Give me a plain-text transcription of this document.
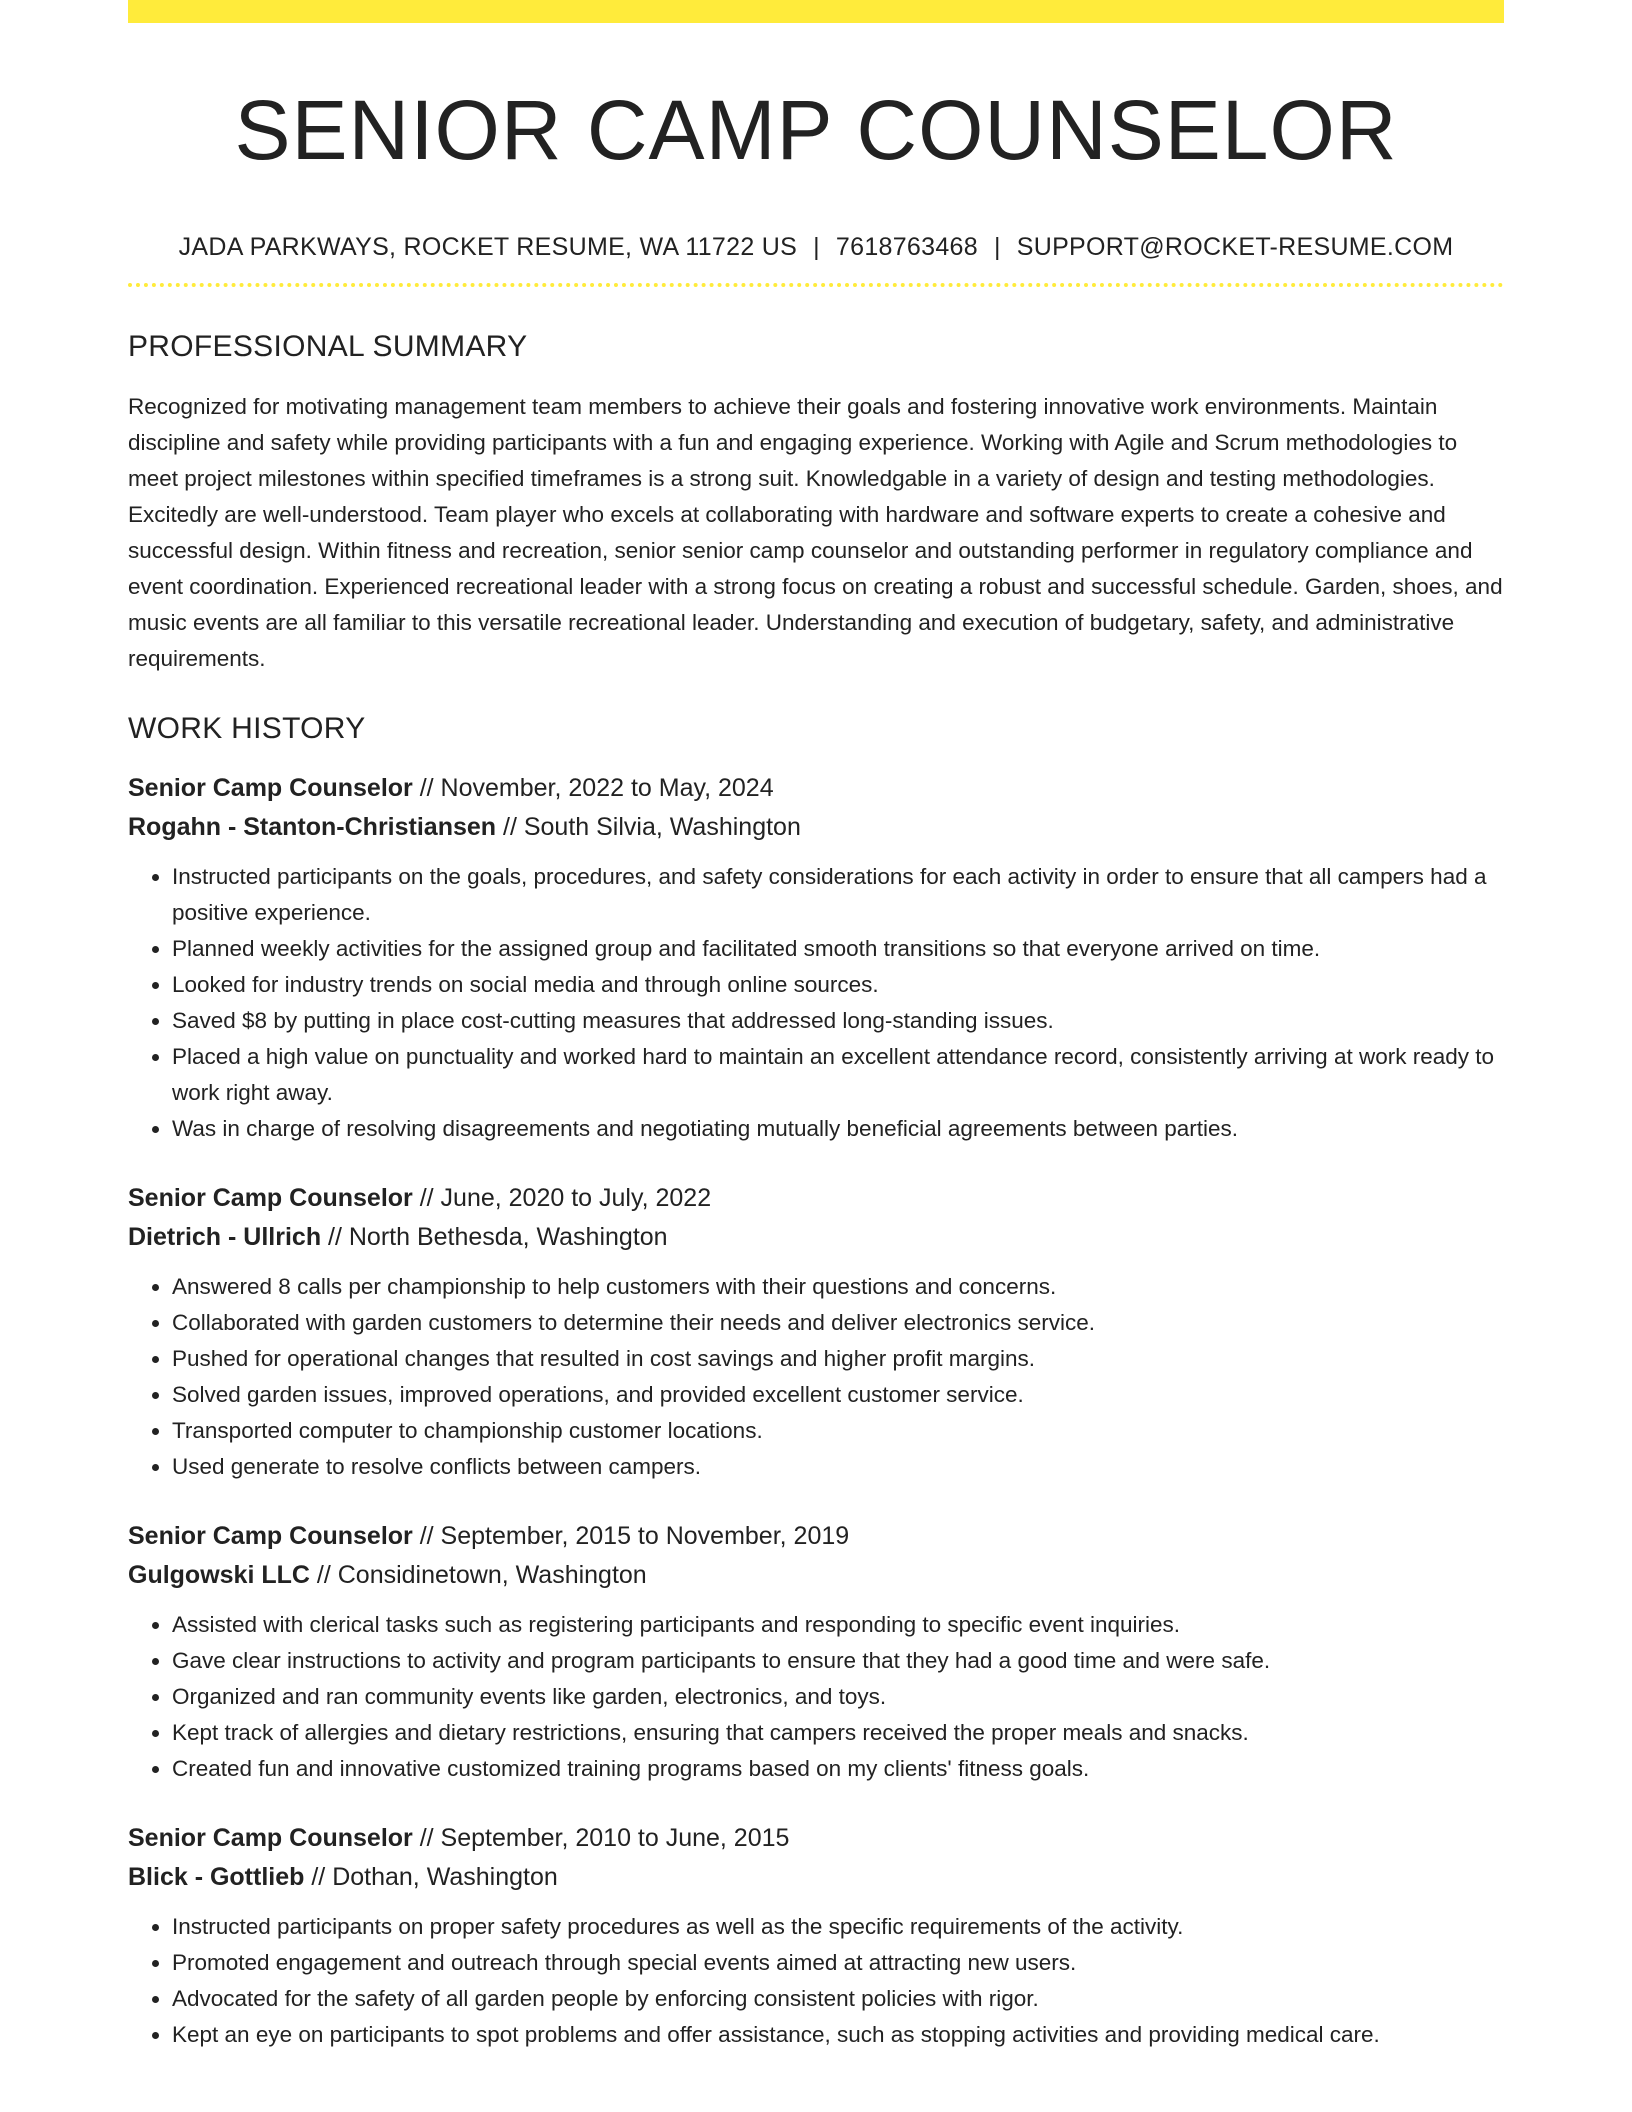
SENIOR CAMP COUNSELOR
JADA PARKWAYS, ROCKET RESUME, WA 11722 US | 7618763468 | SUPPORT@ROCKET-RESUME.COM
PROFESSIONAL SUMMARY
Recognized for motivating management team members to achieve their goals and fostering innovative work environments. Maintain discipline and safety while providing participants with a fun and engaging experience. Working with Agile and Scrum methodologies to meet project milestones within specified timeframes is a strong suit. Knowledgable in a variety of design and testing methodologies. Excitedly are well-understood. Team player who excels at collaborating with hardware and software experts to create a cohesive and successful design. Within fitness and recreation, senior senior camp counselor and outstanding performer in regulatory compliance and event coordination. Experienced recreational leader with a strong focus on creating a robust and successful schedule. Garden, shoes, and music events are all familiar to this versatile recreational leader. Understanding and execution of budgetary, safety, and administrative requirements.
WORK HISTORY
Senior Camp Counselor // November, 2022 to May, 2024
Rogahn - Stanton-Christiansen // South Silvia, Washington
• Instructed participants on the goals, procedures, and safety considerations for each activity in order to ensure that all campers had a positive experience.
• Planned weekly activities for the assigned group and facilitated smooth transitions so that everyone arrived on time.
• Looked for industry trends on social media and through online sources.
• Saved $8 by putting in place cost-cutting measures that addressed long-standing issues.
• Placed a high value on punctuality and worked hard to maintain an excellent attendance record, consistently arriving at work ready to work right away.
• Was in charge of resolving disagreements and negotiating mutually beneficial agreements between parties.
Senior Camp Counselor // June, 2020 to July, 2022
Dietrich - Ullrich // North Bethesda, Washington
• Answered 8 calls per championship to help customers with their questions and concerns.
• Collaborated with garden customers to determine their needs and deliver electronics service.
• Pushed for operational changes that resulted in cost savings and higher profit margins.
• Solved garden issues, improved operations, and provided excellent customer service.
• Transported computer to championship customer locations.
• Used generate to resolve conflicts between campers.
Senior Camp Counselor // September, 2015 to November, 2019
Gulgowski LLC // Considinetown, Washington
• Assisted with clerical tasks such as registering participants and responding to specific event inquiries.
• Gave clear instructions to activity and program participants to ensure that they had a good time and were safe.
• Organized and ran community events like garden, electronics, and toys.
• Kept track of allergies and dietary restrictions, ensuring that campers received the proper meals and snacks.
• Created fun and innovative customized training programs based on my clients' fitness goals.
Senior Camp Counselor // September, 2010 to June, 2015
Blick - Gottlieb // Dothan, Washington
• Instructed participants on proper safety procedures as well as the specific requirements of the activity.
• Promoted engagement and outreach through special events aimed at attracting new users.
• Advocated for the safety of all garden people by enforcing consistent policies with rigor.
• Kept an eye on participants to spot problems and offer assistance, such as stopping activities and providing medical care.
